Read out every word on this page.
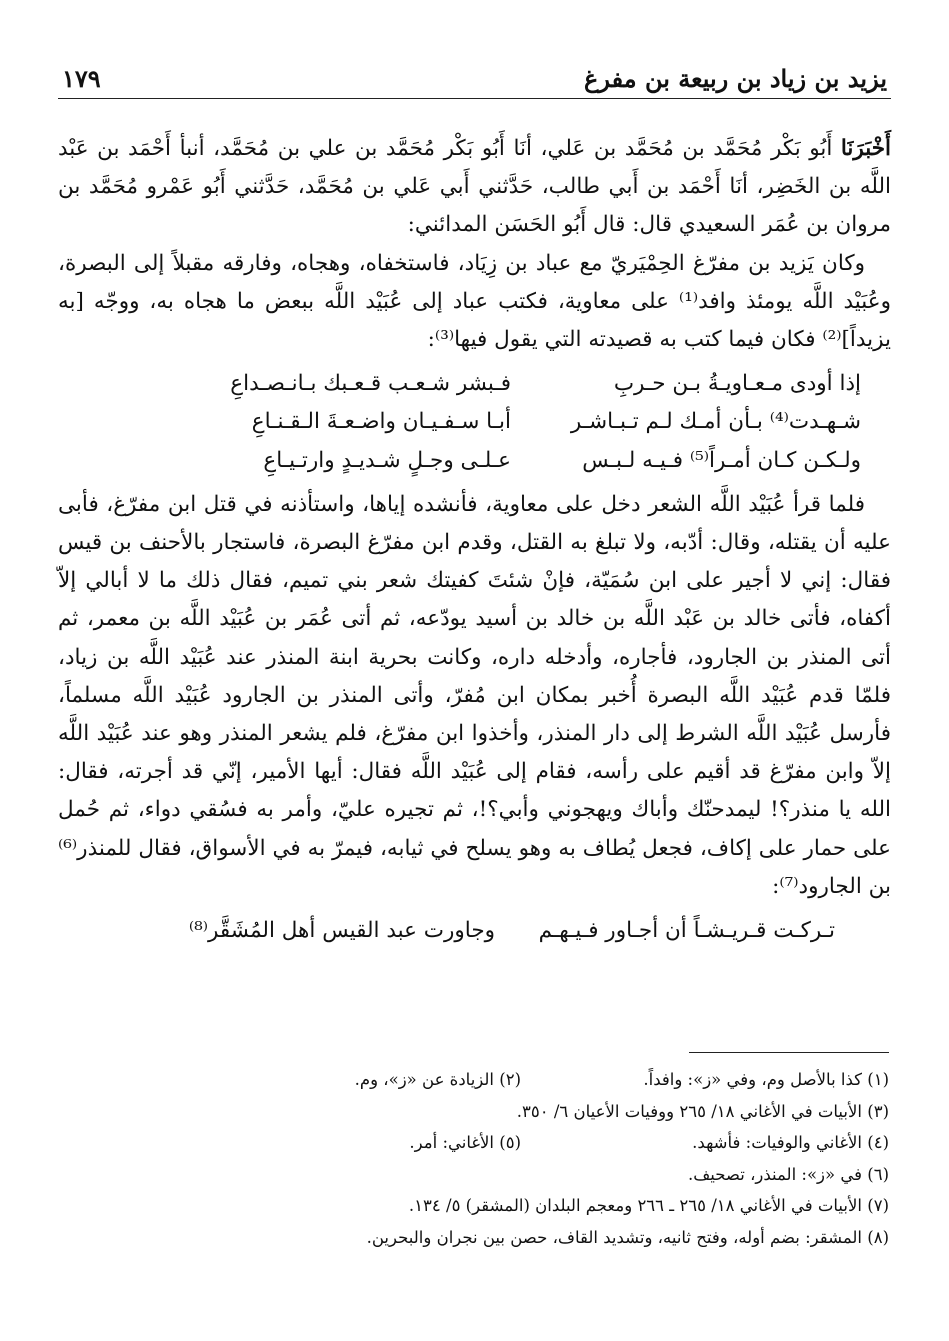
يزيد بن زياد بن ربيعة بن مفرغ
١٧٩

أَخْبَرَنَا أَبُو بَكْر مُحَمَّد بن مُحَمَّد بن عَلي، أنَا أَبُو بَكْر مُحَمَّد بن علي بن مُحَمَّد، أنبأ أَحْمَد بن عَبْد اللَّه بن الخَضِر، أنَا أَحْمَد بن أَبي طالب، حَدَّثني أَبي عَلي بن مُحَمَّد، حَدَّثني أَبُو عَمْرو مُحَمَّد بن مروان بن عُمَر السعيدي قال: قال أَبُو الحَسَن المدائني:

وكان يَزيد بن مفرّغ الحِمْيَريّ مع عباد بن زِيَاد، فاستخفاه، وهجاه، وفارقه مقبلاً إلى البصرة، وعُبَيْد اللَّه يومئذ وافد⁽¹⁾ على معاوية، فكتب عباد إلى عُبَيْد اللَّه ببعض ما هجاه به، ووجّه [به يزيداً]⁽²⁾ فكان فيما كتب به قصيدته التي يقول فيها⁽³⁾:

إذا أودى مـعـاويـةُ بـن حـربِ
فـبشر شـعـب قـعـبك بـانـصـداعِ
شـهـدت⁽⁴⁾ بـأن أمـك لـم تـبـاشـر
أبـا سـفـيـان واضـعـةَ الـقـنـاعِ
ولـكـن كـان أمـراً⁽⁵⁾ فـيـه لـبـس
عـلـى وجـلٍ شـديـدٍ وارتـيـاعِ

فلما قرأ عُبَيْد اللَّه الشعر دخل على معاوية، فأنشده إياها، واستأذنه في قتل ابن مفرّغ، فأبى عليه أن يقتله، وقال: أدّبه، ولا تبلغ به القتل، وقدم ابن مفرّغ البصرة، فاستجار بالأحنف بن قيس فقال: إني لا أجير على ابن سُمَيّة، فإنْ شئتَ كفيتك شعر بني تميم، فقال ذلك ما لا أبالي إلاّ أكفاه، فأتى خالد بن عَبْد اللَّه بن خالد بن أسيد يودّعه، ثم أتى عُمَر بن عُبَيْد اللَّه بن معمر، ثم أتى المنذر بن الجارود، فأجاره، وأدخله داره، وكانت بحرية ابنة المنذر عند عُبَيْد اللَّه بن زياد، فلمّا قدم عُبَيْد اللَّه البصرة أُخبر بمكان ابن مُفرّ، وأتى المنذر بن الجارود عُبَيْد اللَّه مسلماً، فأرسل عُبَيْد اللَّه الشرط إلى دار المنذر، وأخذوا ابن مفرّغ، فلم يشعر المنذر وهو عند عُبَيْد اللَّه إلاّ وابن مفرّغ قد أقيم على رأسه، فقام إلى عُبَيْد اللَّه فقال: أيها الأمير، إنّي قد أجرته، فقال: الله يا منذر؟! ليمدحنّك وأباك ويهجوني وأبي؟!، ثم تجيره عليّ، وأمر به فسُقي دواء، ثم حُمل على حمار على إكاف، فجعل يُطاف به وهو يسلح في ثيابه، فيمرّ به في الأسواق، فقال للمنذر⁽⁶⁾ بن الجارود⁽⁷⁾:

تـركـت قـريـشـاً أن أجـاور فـيـهـم
وجاورت عبد القيس أهل المُشَقَّر⁽⁸⁾
(١) كذا بالأصل وم، وفي «ز»: وافداً.
(٢) الزيادة عن «ز»، وم.
(٣) الأبيات في الأغاني ١٨/ ٢٦٥ ووفيات الأعيان ٦/ ٣٥٠.
(٤) الأغاني والوفيات: فأشهد.
(٥) الأغاني: أمر.
(٦) في «ز»: المنذر، تصحيف.
(٧) الأبيات في الأغاني ١٨/ ٢٦٥ ـ ٢٦٦ ومعجم البلدان (المشقر) ٥/ ١٣٤.
(٨) المشقر: بضم أوله، وفتح ثانيه، وتشديد القاف، حصن بين نجران والبحرين.
